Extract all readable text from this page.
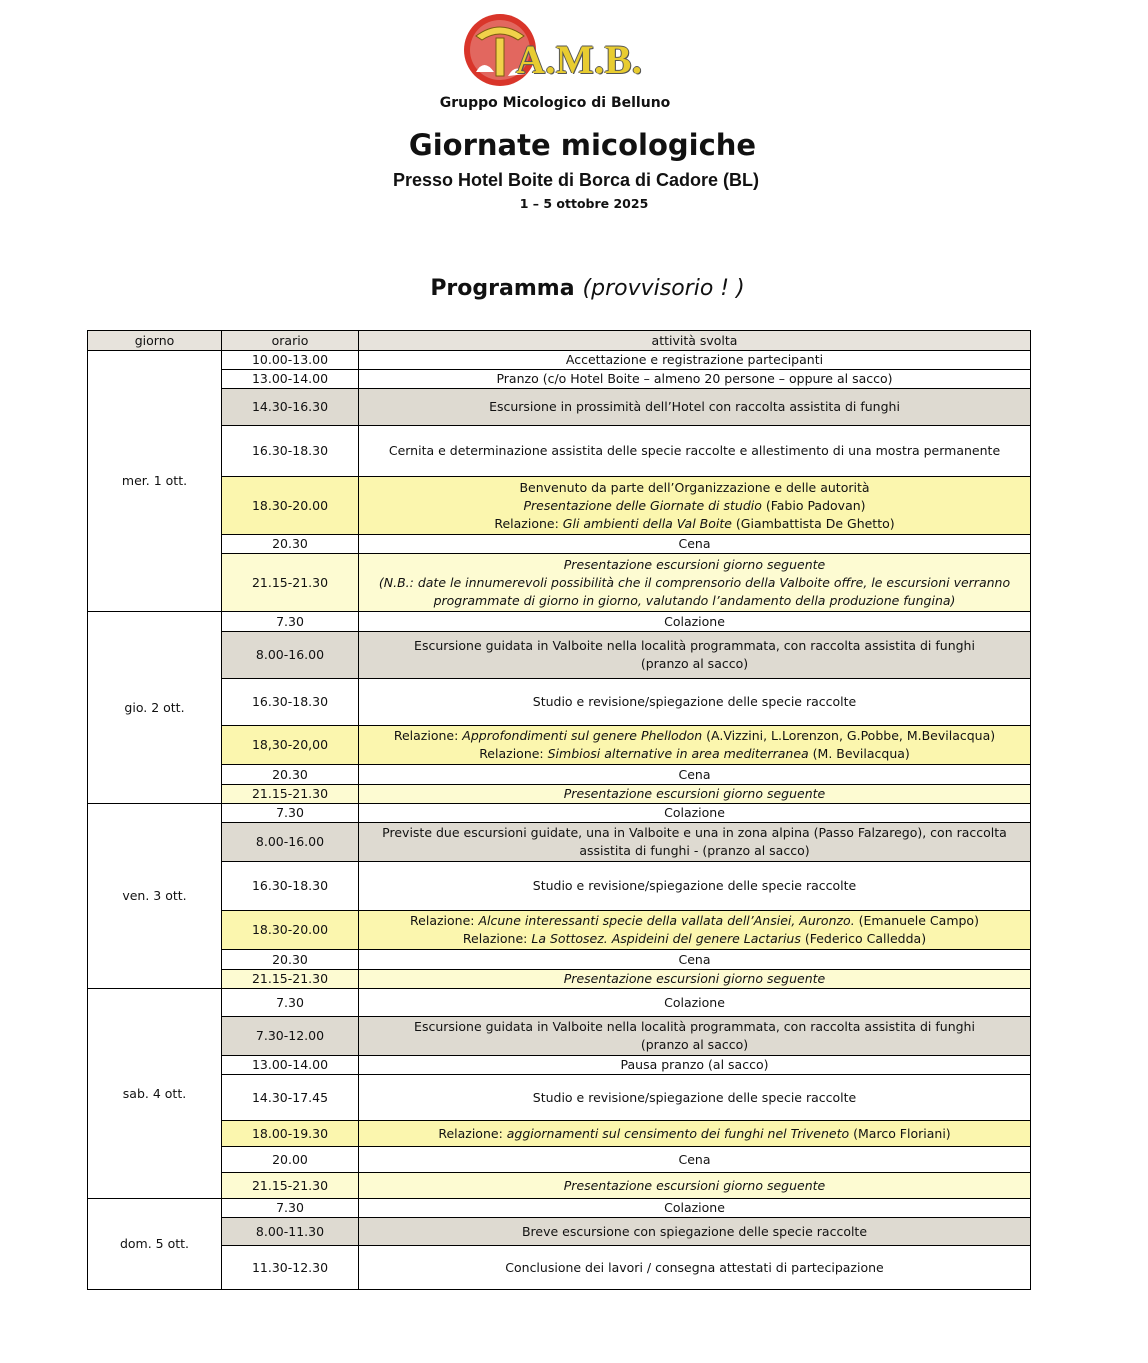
A.M.B.
Gruppo Micologico di Belluno
Giornate micologiche
Presso Hotel Boite di Borca di Cadore (BL)
1 – 5 ottobre 2025
Programma (provvisorio ! )
giorno	orario	attività svolta
mer. 1 ott.	10.00-13.00	Accettazione e registrazione partecipanti

	13.00-14.00	Pranzo (c/o Hotel Boite – almeno 20 persone – oppure al sacco)

	14.30-16.30	Escursione in prossimità dell’Hotel con raccolta assistita di funghi

	16.30-18.30	Cernita e determinazione assistita delle specie raccolte e allestimento di una mostra permanente

	18.30-20.00	Benvenuto da parte dell’Organizzazione e delle autorità
Presentazione delle Giornate di studio (Fabio Padovan)
Relazione: Gli ambienti della Val Boite (Giambattista De Ghetto)

	20.30	Cena

	21.15-21.30	Presentazione escursioni giorno seguente
(N.B.: date le innumerevoli possibilità che il comprensorio della Valboite offre, le escursioni verranno
programmate di giorno in giorno, valutando l’andamento della produzione fungina)

gio. 2 ott.	7.30	Colazione

	8.00-16.00	Escursione guidata in Valboite nella località programmata, con raccolta assistita di funghi
(pranzo al sacco)

	16.30-18.30	Studio e revisione/spiegazione delle specie raccolte

	18,30-20,00	Relazione: Approfondimenti sul genere Phellodon (A.Vizzini, L.Lorenzon, G.Pobbe, M.Bevilacqua)
Relazione: Simbiosi alternative in area mediterranea (M. Bevilacqua)

	20.30	Cena

	21.15-21.30	Presentazione escursioni giorno seguente

ven. 3 ott.	7.30	Colazione

	8.00-16.00	Previste due escursioni guidate, una in Valboite e una in zona alpina (Passo Falzarego), con raccolta
assistita di funghi - (pranzo al sacco)

	16.30-18.30	Studio e revisione/spiegazione delle specie raccolte

	18.30-20.00	Relazione: Alcune interessanti specie della vallata dell’Ansiei, Auronzo. (Emanuele Campo)
Relazione: La Sottosez. Aspideini del genere Lactarius (Federico Calledda)

	20.30	Cena

	21.15-21.30	Presentazione escursioni giorno seguente

sab. 4 ott.	7.30	Colazione

	7.30-12.00	Escursione guidata in Valboite nella località programmata, con raccolta assistita di funghi
(pranzo al sacco)

	13.00-14.00	Pausa pranzo (al sacco)

	14.30-17.45	Studio e revisione/spiegazione delle specie raccolte

	18.00-19.30	Relazione: aggiornamenti sul censimento dei funghi nel Triveneto (Marco Floriani)

	20.00	Cena

	21.15-21.30	Presentazione escursioni giorno seguente

dom. 5 ott.	7.30	Colazione

	8.00-11.30	Breve escursione con spiegazione delle specie raccolte

	11.30-12.30	Conclusione dei lavori / consegna attestati di partecipazione
